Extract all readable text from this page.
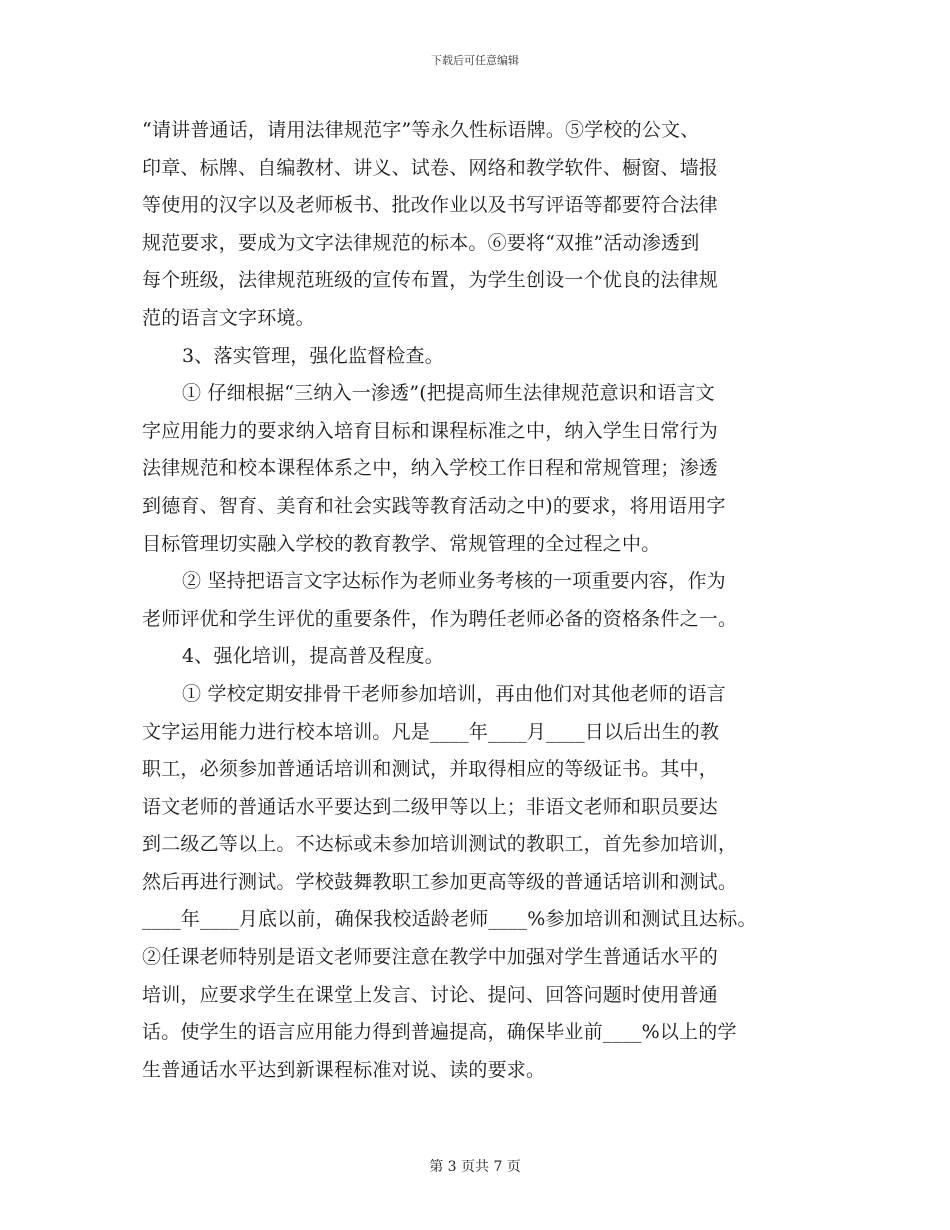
下载后可任意编辑
“请讲普通话，请用法律规范字”等永久性标语牌。⑤学校的公文、
印章、标牌、自编教材、讲义、试卷、网络和教学软件、橱窗、墙报
等使用的汉字以及老师板书、批改作业以及书写评语等都要符合法律
规范要求，要成为文字法律规范的标本。⑥要将“双推”活动渗透到
每个班级，法律规范班级的宣传布置，为学生创设一个优良的法律规
范的语言文字环境。
3、落实管理，强化监督检查。
① 仔细根据“三纳入一渗透”(把提高师生法律规范意识和语言文
字应用能力的要求纳入培育目标和课程标准之中，纳入学生日常行为
法律规范和校本课程体系之中，纳入学校工作日程和常规管理；渗透
到德育、智育、美育和社会实践等教育活动之中)的要求，将用语用字
目标管理切实融入学校的教育教学、常规管理的全过程之中。
② 坚持把语言文字达标作为老师业务考核的一项重要内容，作为
老师评优和学生评优的重要条件，作为聘任老师必备的资格条件之一。
4、强化培训，提高普及程度。
① 学校定期安排骨干老师参加培训，再由他们对其他老师的语言
文字运用能力进行校本培训。凡是____年____月____日以后出生的教
职工，必须参加普通话培训和测试，并取得相应的等级证书。其中，
语文老师的普通话水平要达到二级甲等以上；非语文老师和职员要达
到二级乙等以上。不达标或未参加培训测试的教职工，首先参加培训，
然后再进行测试。学校鼓舞教职工参加更高等级的普通话培训和测试。
____年____月底以前，确保我校适龄老师____%参加培训和测试且达标。
②任课老师特别是语文老师要注意在教学中加强对学生普通话水平的
培训，应要求学生在课堂上发言、讨论、提问、回答问题时使用普通
话。使学生的语言应用能力得到普遍提高，确保毕业前____%以上的学
生普通话水平达到新课程标准对说、读的要求。
第 3 页共 7 页
